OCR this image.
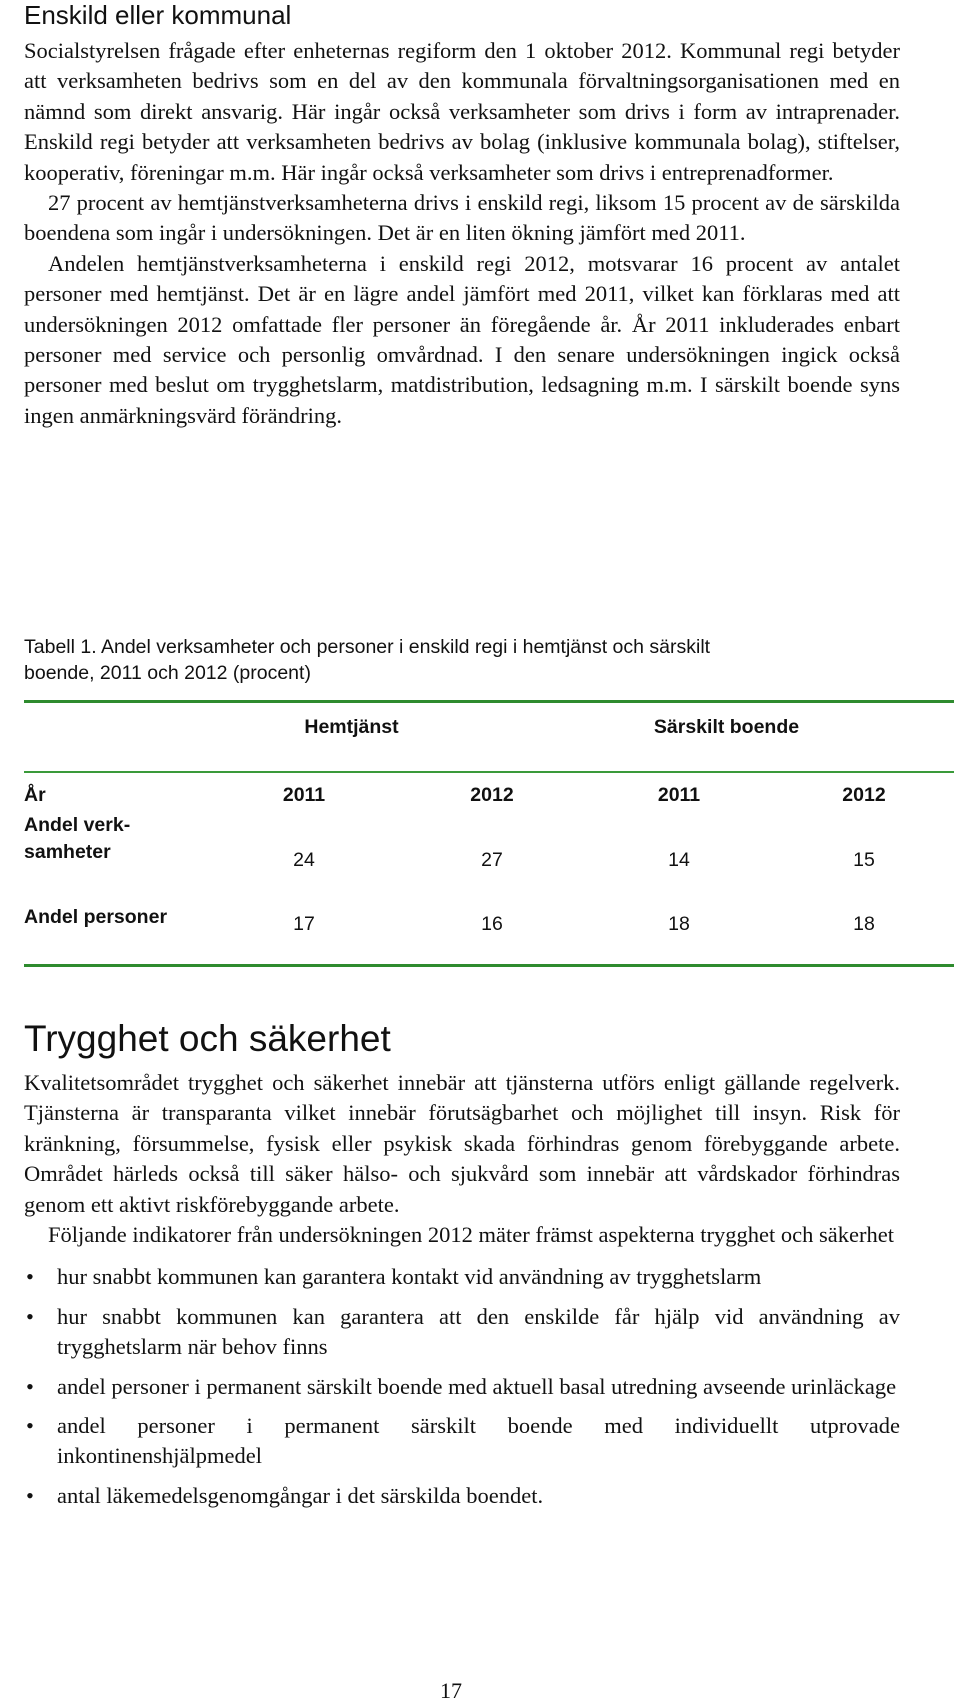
Enskild eller kommunal

Socialstyrelsen frågade efter enheternas regiform den 1 oktober 2012. Kommunal regi betyder att verksamheten bedrivs som en del av den kommunala förvaltningsorganisationen med en nämnd som direkt ansvarig. Här ingår också verksamheter som drivs i form av intraprenader. Enskild regi betyder att verksamheten bedrivs av bolag (inklusive kommunala bolag), stiftelser, kooperativ, föreningar m.m. Här ingår också verksamheter som drivs i entreprenadformer.

27 procent av hemtjänstverksamheterna drivs i enskild regi, liksom 15 procent av de särskilda boendena som ingår i undersökningen. Det är en liten ökning jämfört med 2011.

Andelen hemtjänstverksamheterna i enskild regi 2012, motsvarar 16 procent av antalet personer med hemtjänst. Det är en lägre andel jämfört med 2011, vilket kan förklaras med att undersökningen 2012 omfattade fler personer än föregående år. År 2011 inkluderades enbart personer med service och personlig omvårdnad. I den senare undersökningen ingick också personer med beslut om trygghetslarm, matdistribution, ledsagning m.m. I särskilt boende syns ingen anmärkningsvärd förändring.

Tabell 1. Andel verksamheter och personer i enskild regi i hemtjänst och särskilt

boende, 2011 och 2012 (procent)

Hemtjänst	Särskilt boende
År	2011	2012	2011	2012
Andel verk-
samheter	24	27	14	15
Andel personer	17	16	18	18
Trygghet och säkerhet

Kvalitetsområdet trygghet och säkerhet innebär att tjänsterna utförs enligt gällande regelverk. Tjänsterna är transparanta vilket innebär förutsägbarhet och möjlighet till insyn. Risk för kränkning, försummelse, fysisk eller psykisk skada förhindras genom förebyggande arbete. Området härleds också till säker hälso- och sjukvård som innebär att vårdskador förhindras genom ett aktivt riskförebyggande arbete.

Följande indikatorer från undersökningen 2012 mäter främst aspekterna trygghet och säkerhet

• hur snabbt kommunen kan garantera kontakt vid användning av trygghetslarm
• hur snabbt kommunen kan garantera att den enskilde får hjälp vid användning av trygghetslarm när behov finns
• andel personer i permanent särskilt boende med aktuell basal utredning avseende urinläckage
• andel personer i permanent särskilt boende med individuellt utprovade inkontinenshjälpmedel
• antal läkemedelsgenomgångar i det särskilda boendet.
17
